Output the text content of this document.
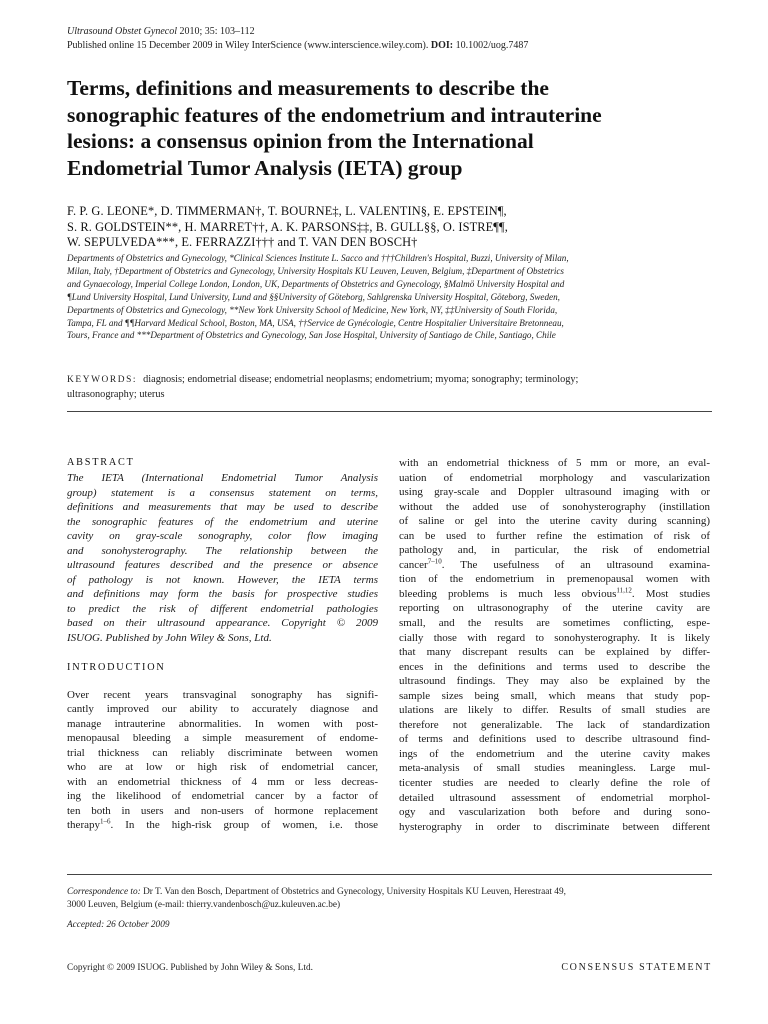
Ultrasound Obstet Gynecol 2010; 35: 103–112
Published online 15 December 2009 in Wiley InterScience (www.interscience.wiley.com). DOI: 10.1002/uog.7487
Terms, definitions and measurements to describe the
sonographic features of the endometrium and intrauterine
lesions: a consensus opinion from the International
Endometrial Tumor Analysis (IETA) group
F. P. G. LEONE*, D. TIMMERMAN†, T. BOURNE‡, L. VALENTIN§, E. EPSTEIN¶,
S. R. GOLDSTEIN**, H. MARRET††, A. K. PARSONS‡‡, B. GULL§§, O. ISTRE¶¶,
W. SEPULVEDA***, E. FERRAZZI††† and T. VAN DEN BOSCH†
Departments of Obstetrics and Gynecology, *Clinical Sciences Institute L. Sacco and †††Children's Hospital, Buzzi, University of Milan,
Milan, Italy, †Department of Obstetrics and Gynecology, University Hospitals KU Leuven, Leuven, Belgium, ‡Department of Obstetrics
and Gynaecology, Imperial College London, London, UK, Departments of Obstetrics and Gynecology, §Malmö University Hospital and
¶Lund University Hospital, Lund University, Lund and §§University of Göteborg, Sahlgrenska University Hospital, Göteborg, Sweden,
Departments of Obstetrics and Gynecology, **New York University School of Medicine, New York, NY, ‡‡University of South Florida,
Tampa, FL and ¶¶Harvard Medical School, Boston, MA, USA, ††Service de Gynécologie, Centre Hospitalier Universitaire Bretonneau,
Tours, France and ***Department of Obstetrics and Gynecology, San Jose Hospital, University of Santiago de Chile, Santiago, Chile
KEYWORDS: diagnosis; endometrial disease; endometrial neoplasms; endometrium; myoma; sonography; terminology;
ultrasonography; uterus
ABSTRACT
The IETA (International Endometrial Tumor Analysis
group) statement is a consensus statement on terms,
definitions and measurements that may be used to describe
the sonographic features of the endometrium and uterine
cavity on gray-scale sonography, color flow imaging
and sonohysterography. The relationship between the
ultrasound features described and the presence or absence
of pathology is not known. However, the IETA terms
and definitions may form the basis for prospective studies
to predict the risk of different endometrial pathologies
based on their ultrasound appearance. Copyright © 2009
ISUOG. Published by John Wiley & Sons, Ltd.
INTRODUCTION
Over recent years transvaginal sonography has signifi-
cantly improved our ability to accurately diagnose and
manage intrauterine abnormalities. In women with post-
menopausal bleeding a simple measurement of endome-
trial thickness can reliably discriminate between women
who are at low or high risk of endometrial cancer,
with an endometrial thickness of 4 mm or less decreas-
ing the likelihood of endometrial cancer by a factor of
ten both in users and non-users of hormone replacement
therapy$^{1-6}$. In the high-risk group of women, i.e. those
with an endometrial thickness of 5 mm or more, an eval-
uation of endometrial morphology and vascularization
using gray-scale and Doppler ultrasound imaging with or
without the added use of sonohysterography (instillation
of saline or gel into the uterine cavity during scanning)
can be used to further refine the estimation of risk of
pathology and, in particular, the risk of endometrial
cancer$^{7-10}$. The usefulness of an ultrasound examina-
tion of the endometrium in premenopausal women with
bleeding problems is much less obvious$^{11,12}$. Most studies
reporting on ultrasonography of the uterine cavity are
small, and the results are sometimes conflicting, espe-
cially those with regard to sonohysterography. It is likely
that many discrepant results can be explained by differ-
ences in the definitions and terms used to describe the
ultrasound findings. They may also be explained by the
sample sizes being small, which means that study pop-
ulations are likely to differ. Results of small studies are
therefore not generalizable. The lack of standardization
of terms and definitions used to describe ultrasound find-
ings of the endometrium and the uterine cavity makes
meta-analysis of small studies meaningless. Large mul-
ticenter studies are needed to clearly define the role of
detailed ultrasound assessment of endometrial morphol-
ogy and vascularization both before and during sono-
hysterography in order to discriminate between different
Correspondence to: Dr T. Van den Bosch, Department of Obstetrics and Gynecology, University Hospitals KU Leuven, Herestraat 49,
3000 Leuven, Belgium (e-mail: thierry.vandenbosch@uz.kuleuven.ac.be)
Accepted: 26 October 2009
Copyright © 2009 ISUOG. Published by John Wiley & Sons, Ltd.	CONSENSUS STATEMENT
